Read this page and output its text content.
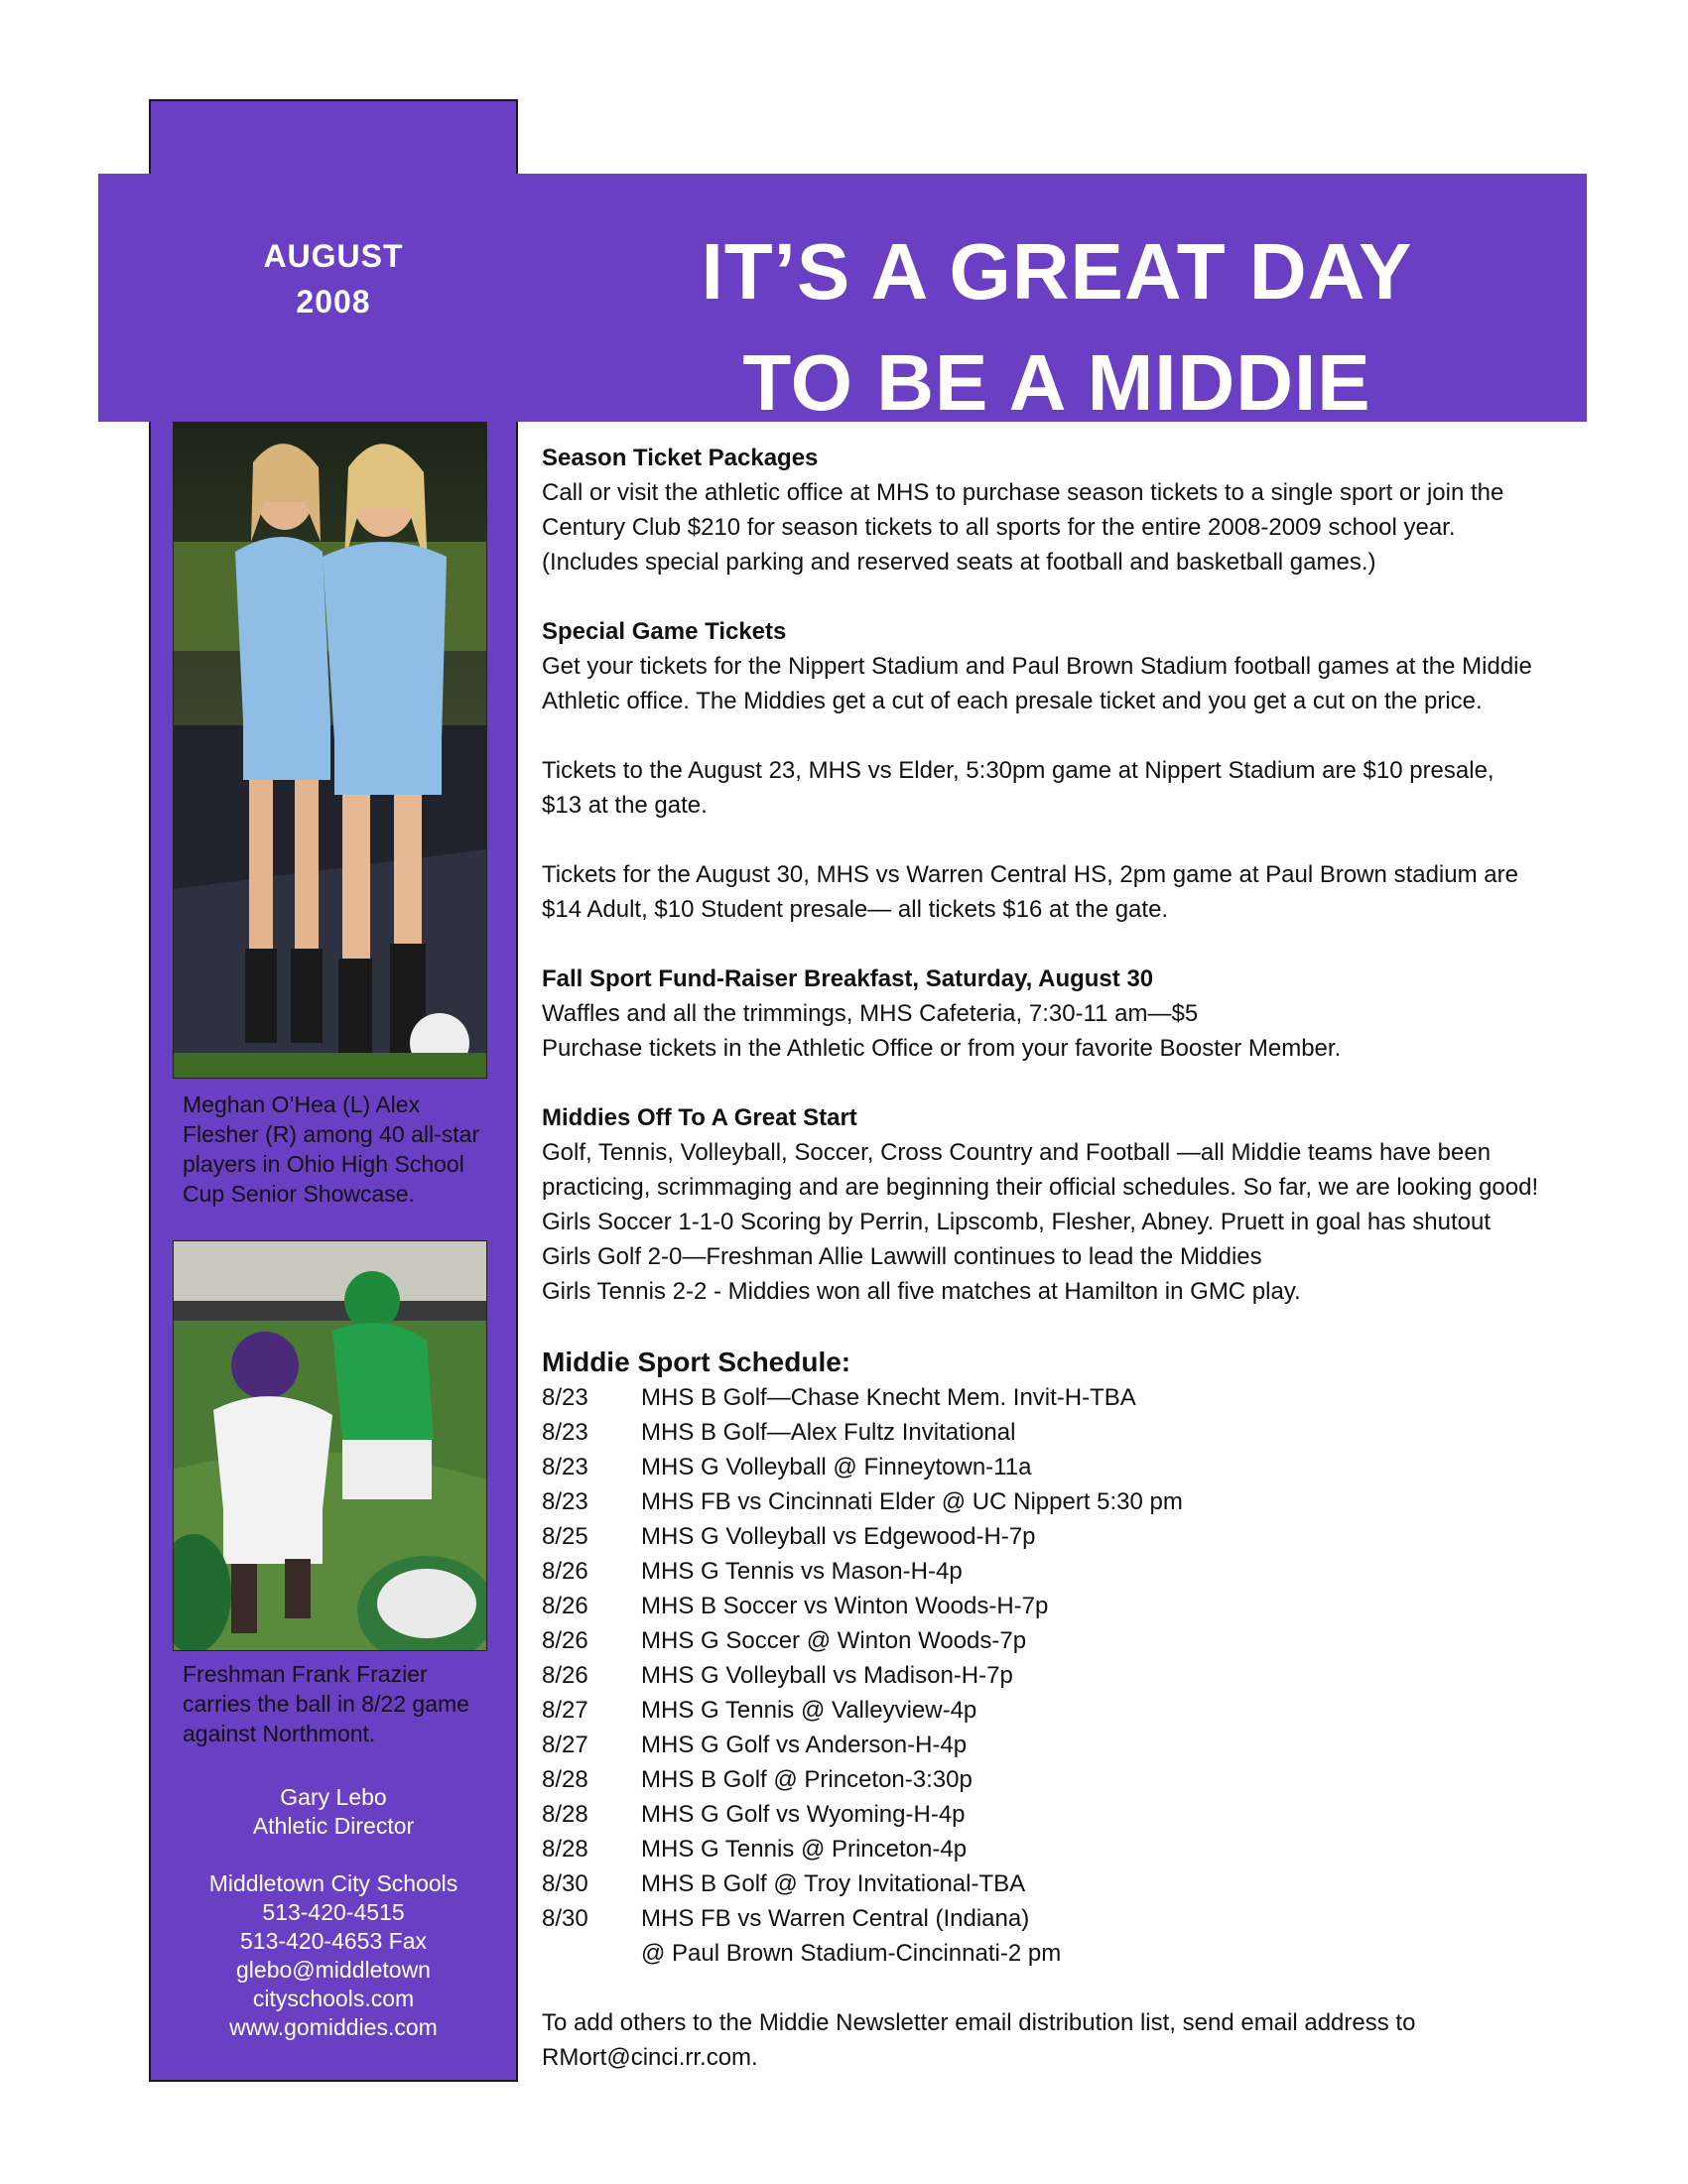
AUGUST
2008	IT’S A GREAT DAY
TO BE A MIDDIE
Meghan O’Hea (L) Alex Flesher (R) among 40 all-star players in Ohio High School Cup Senior Showcase.
Freshman Frank Frazier carries the ball in 8/22 game against Northmont.
Gary Lebo
Athletic Director
Middletown City Schools
513-420-4515
513-420-4653 Fax
glebo@middletown
cityschools.com
www.gomiddies.com
Season Ticket Packages
Call or visit the athletic office at MHS to purchase season tickets to a single sport or join the
Century Club $210 for season tickets to all sports for the entire 2008-2009 school year.
(Includes special parking and reserved seats at football and basketball games.)
Special Game Tickets
Get your tickets for the Nippert Stadium and Paul Brown Stadium football games at the Middie
Athletic office. The Middies get a cut of each presale ticket and you get a cut on the price.
Tickets to the August 23, MHS vs Elder, 5:30pm game at Nippert Stadium are $10 presale,
$13 at the gate.
Tickets for the August 30, MHS vs Warren Central HS, 2pm game at Paul Brown stadium are
$14 Adult, $10 Student presale— all tickets $16 at the gate.
Fall Sport Fund-Raiser Breakfast, Saturday, August 30
Waffles and all the trimmings, MHS Cafeteria, 7:30-11 am—$5
Purchase tickets in the Athletic Office or from your favorite Booster Member.
Middies Off To A Great Start
Golf, Tennis, Volleyball, Soccer, Cross Country and Football —all Middie teams have been
practicing, scrimmaging and are beginning their official schedules. So far, we are looking good!
Girls Soccer 1-1-0 Scoring by Perrin, Lipscomb, Flesher, Abney. Pruett in goal has shutout
Girls Golf 2-0—Freshman Allie Lawwill continues to lead the Middies
Girls Tennis 2-2 - Middies won all five matches at Hamilton in GMC play.
Middie Sport Schedule:
8/23	MHS B Golf—Chase Knecht Mem. Invit-H-TBA
8/23	MHS B Golf—Alex Fultz Invitational
8/23	MHS G Volleyball @ Finneytown-11a
8/23	MHS FB vs Cincinnati Elder @ UC Nippert 5:30 pm
8/25	MHS G Volleyball vs Edgewood-H-7p
8/26	MHS G Tennis vs Mason-H-4p
8/26	MHS B Soccer vs Winton Woods-H-7p
8/26	MHS G Soccer @ Winton Woods-7p
8/26	MHS G Volleyball vs Madison-H-7p
8/27	MHS G Tennis @ Valleyview-4p
8/27	MHS G Golf vs Anderson-H-4p
8/28	MHS B Golf @ Princeton-3:30p
8/28	MHS G Golf vs Wyoming-H-4p
8/28	MHS G Tennis @ Princeton-4p
8/30	MHS B Golf @ Troy Invitational-TBA
8/30	MHS FB vs Warren Central (Indiana)
@ Paul Brown Stadium-Cincinnati-2 pm
To add others to the Middie Newsletter email distribution list, send email address to
RMort@cinci.rr.com.
